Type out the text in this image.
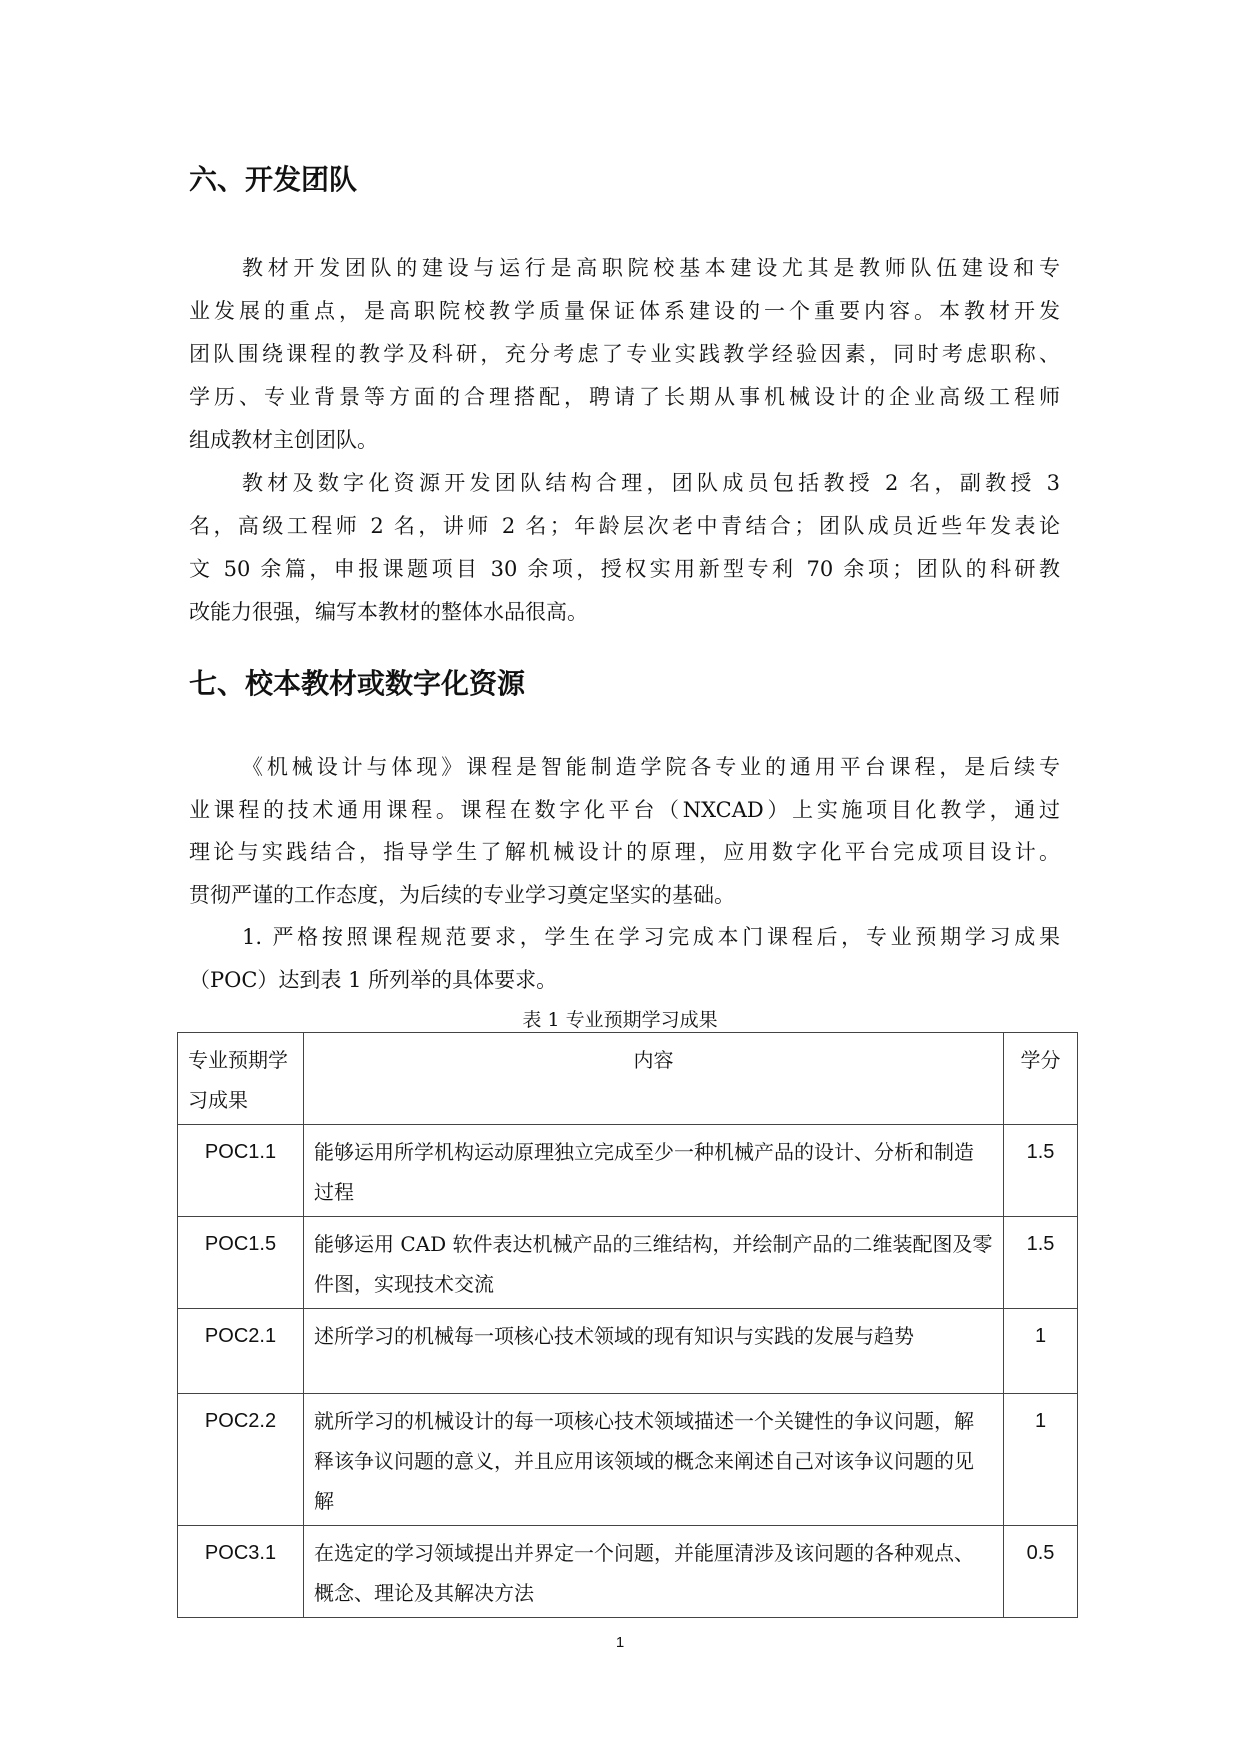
六、开发团队
教材开发团队的建设与运行是高职院校基本建设尤其是教师队伍建设和专
业发展的重点，是高职院校教学质量保证体系建设的一个重要内容。本教材开发
团队围绕课程的教学及科研，充分考虑了专业实践教学经验因素，同时考虑职称、
学历、专业背景等方面的合理搭配，聘请了长期从事机械设计的企业高级工程师
组成教材主创团队。
教材及数字化资源开发团队结构合理，团队成员包括教授 2 名，副教授 3
名，高级工程师 2 名，讲师 2 名；年龄层次老中青结合；团队成员近些年发表论
文 50 余篇，申报课题项目 30 余项，授权实用新型专利 70 余项；团队的科研教
改能力很强，编写本教材的整体水品很高。
七、校本教材或数字化资源
《机械设计与体现》课程是智能制造学院各专业的通用平台课程，是后续专
业课程的技术通用课程。课程在数字化平台（NXCAD）上实施项目化教学，通过
理论与实践结合，指导学生了解机械设计的原理，应用数字化平台完成项目设计。
贯彻严谨的工作态度，为后续的专业学习奠定坚实的基础。
1. 严格按照课程规范要求，学生在学习完成本门课程后，专业预期学习成果
（POC）达到表 1 所列举的具体要求。
表 1 专业预期学习成果
专业预期学习成果	内容	学分
POC1.1	能够运用所学机构运动原理独立完成至少一种机械产品的设计、分析和制造过程	1.5
POC1.5	能够运用 CAD 软件表达机械产品的三维结构，并绘制产品的二维装配图及零件图，实现技术交流	1.5
POC2.1	述所学习的机械每一项核心技术领域的现有知识与实践的发展与趋势	1
POC2.2	就所学习的机械设计的每一项核心技术领域描述一个关键性的争议问题，解释该争议问题的意义，并且应用该领域的概念来阐述自己对该争议问题的见解	1
POC3.1	在选定的学习领域提出并界定一个问题，并能厘清涉及该问题的各种观点、概念、理论及其解决方法	0.5
1
